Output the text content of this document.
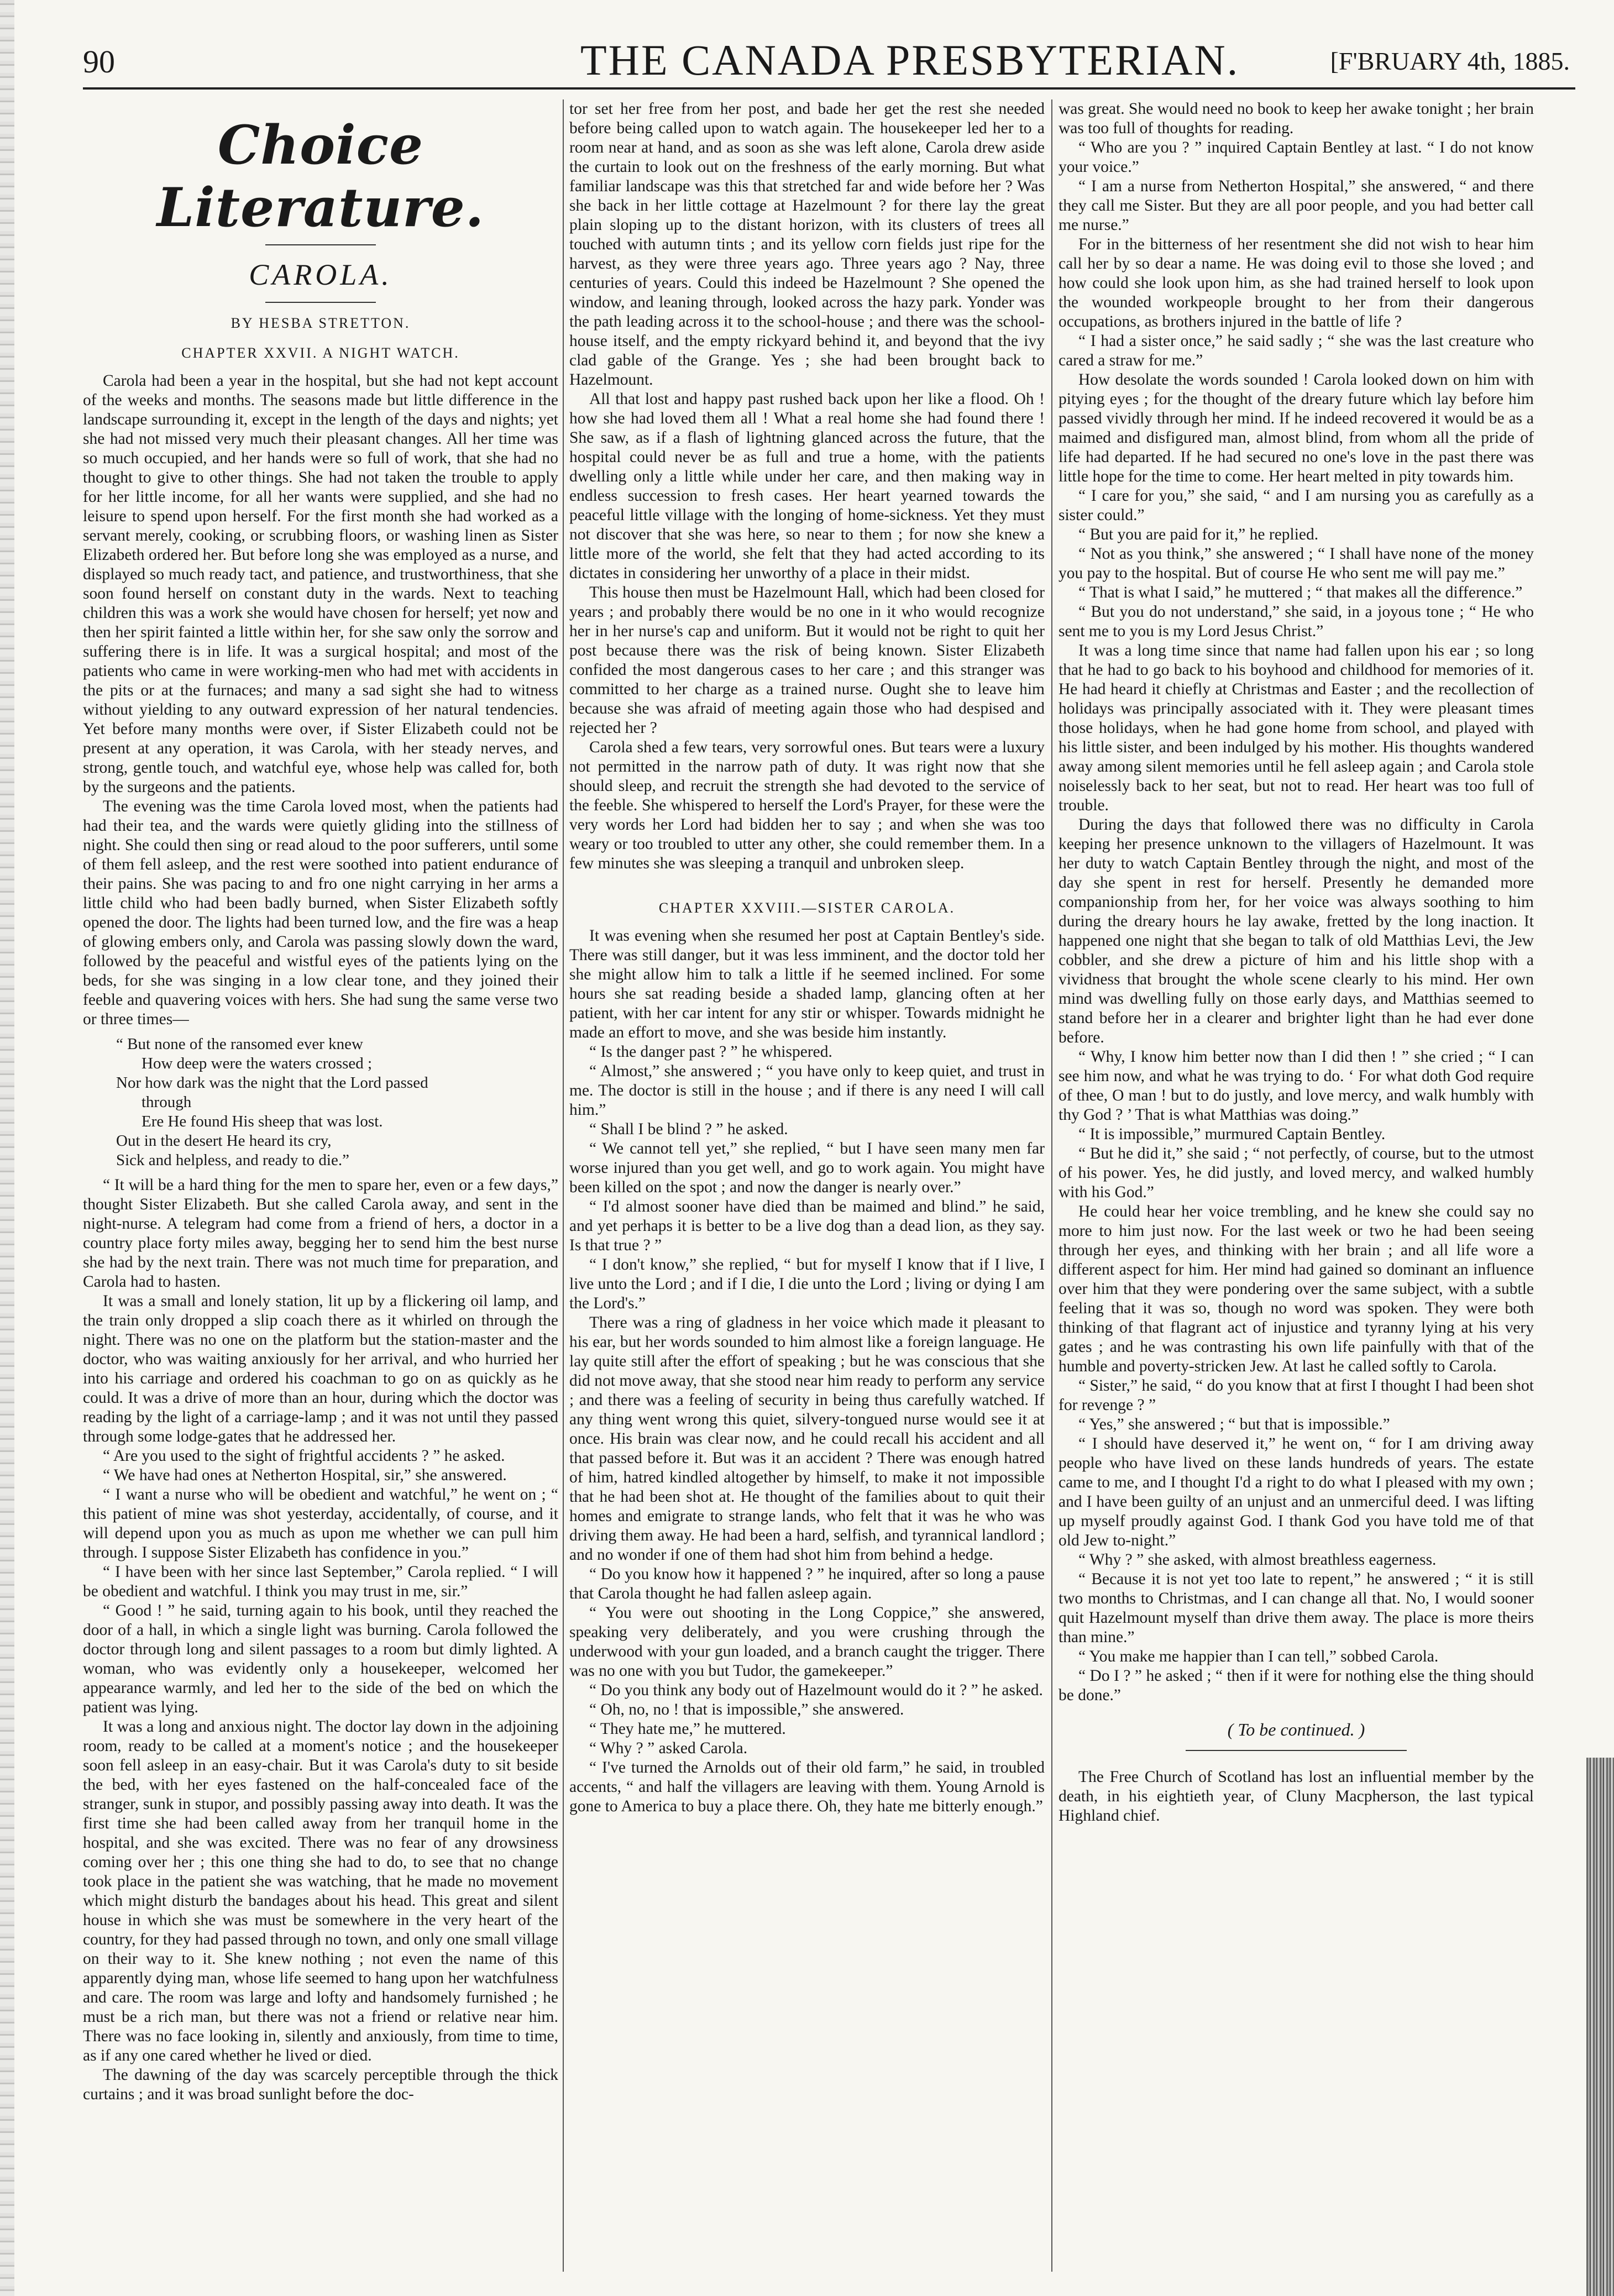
90	THE CANADA PRESBYTERIAN.	[F'BRUARY 4th, 1885.
Choice Literature.
CAROLA.
BY HESBA STRETTON.
CHAPTER XXVII. A NIGHT WATCH.

Carola had been a year in the hospital, but she had not kept account of the weeks and months. The seasons made but little difference in the landscape surrounding it, except in the length of the days and nights; yet she had not missed very much their pleasant changes. All her time was so much occupied, and her hands were so full of work, that she had no thought to give to other things. She had not taken the trouble to apply for her little income, for all her wants were supplied, and she had no leisure to spend upon herself. For the first month she had worked as a servant merely, cooking, or scrubbing floors, or washing linen as Sister Elizabeth ordered her. But before long she was employed as a nurse, and displayed so much ready tact, and patience, and trustworthiness, that she soon found herself on constant duty in the wards. Next to teaching children this was a work she would have chosen for herself; yet now and then her spirit fainted a little within her, for she saw only the sorrow and suffering there is in life. It was a surgical hospital; and most of the patients who came in were working-men who had met with accidents in the pits or at the furnaces; and many a sad sight she had to witness without yielding to any outward expression of her natural tendencies. Yet before many months were over, if Sister Elizabeth could not be present at any operation, it was Carola, with her steady nerves, and strong, gentle touch, and watchful eye, whose help was called for, both by the surgeons and the patients.

The evening was the time Carola loved most, when the patients had had their tea, and the wards were quietly gliding into the stillness of night. She could then sing or read aloud to the poor sufferers, until some of them fell asleep, and the rest were soothed into patient endurance of their pains. She was pacing to and fro one night carrying in her arms a little child who had been badly burned, when Sister Elizabeth softly opened the door. The lights had been turned low, and the fire was a heap of glowing embers only, and Carola was passing slowly down the ward, followed by the peaceful and wistful eyes of the patients lying on the beds, for she was singing in a low clear tone, and they joined their feeble and quavering voices with hers. She had sung the same verse two or three times—

“ But none of the ransomed ever knew
How deep were the waters crossed ;
Nor how dark was the night that the Lord passed
through
Ere He found His sheep that was lost.
Out in the desert He heard its cry,
Sick and helpless, and ready to die.”

“ It will be a hard thing for the men to spare her, even or a few days,” thought Sister Elizabeth. But she called Carola away, and sent in the night-nurse. A telegram had come from a friend of hers, a doctor in a country place forty miles away, begging her to send him the best nurse she had by the next train. There was not much time for preparation, and Carola had to hasten.

It was a small and lonely station, lit up by a flickering oil lamp, and the train only dropped a slip coach there as it whirled on through the night. There was no one on the platform but the station-master and the doctor, who was waiting anxiously for her arrival, and who hurried her into his carriage and ordered his coachman to go on as quickly as he could. It was a drive of more than an hour, during which the doctor was reading by the light of a carriage-lamp ; and it was not until they passed through some lodge-gates that he addressed her.

“ Are you used to the sight of frightful accidents ? ” he asked.

“ We have had ones at Netherton Hospital, sir,” she answered.

“ I want a nurse who will be obedient and watchful,” he went on ; “ this patient of mine was shot yesterday, accidentally, of course, and it will depend upon you as much as upon me whether we can pull him through. I suppose Sister Elizabeth has confidence in you.”

“ I have been with her since last September,” Carola replied. “ I will be obedient and watchful. I think you may trust in me, sir.”

“ Good ! ” he said, turning again to his book, until they reached the door of a hall, in which a single light was burning. Carola followed the doctor through long and silent passages to a room but dimly lighted. A woman, who was evidently only a housekeeper, welcomed her appearance warmly, and led her to the side of the bed on which the patient was lying.

It was a long and anxious night. The doctor lay down in the adjoining room, ready to be called at a moment's notice ; and the housekeeper soon fell asleep in an easy-chair. But it was Carola's duty to sit beside the bed, with her eyes fastened on the half-concealed face of the stranger, sunk in stupor, and possibly passing away into death. It was the first time she had been called away from her tranquil home in the hospital, and she was excited. There was no fear of any drowsiness coming over her ; this one thing she had to do, to see that no change took place in the patient she was watching, that he made no movement which might disturb the bandages about his head. This great and silent house in which she was must be somewhere in the very heart of the country, for they had passed through no town, and only one small village on their way to it. She knew nothing ; not even the name of this apparently dying man, whose life seemed to hang upon her watchfulness and care. The room was large and lofty and handsomely furnished ; he must be a rich man, but there was not a friend or relative near him. There was no face looking in, silently and anxiously, from time to time, as if any one cared whether he lived or died.

The dawning of the day was scarcely perceptible through the thick curtains ; and it was broad sunlight before the doc-

tor set her free from her post, and bade her get the rest she needed before being called upon to watch again. The housekeeper led her to a room near at hand, and as soon as she was left alone, Carola drew aside the curtain to look out on the freshness of the early morning. But what familiar landscape was this that stretched far and wide before her ? Was she back in her little cottage at Hazelmount ? for there lay the great plain sloping up to the distant horizon, with its clusters of trees all touched with autumn tints ; and its yellow corn fields just ripe for the harvest, as they were three years ago. Three years ago ? Nay, three centuries of years. Could this indeed be Hazelmount ? She opened the window, and leaning through, looked across the hazy park. Yonder was the path leading across it to the school-house ; and there was the school-house itself, and the empty rickyard behind it, and beyond that the ivy clad gable of the Grange. Yes ; she had been brought back to Hazelmount.

All that lost and happy past rushed back upon her like a flood. Oh ! how she had loved them all ! What a real home she had found there ! She saw, as if a flash of lightning glanced across the future, that the hospital could never be as full and true a home, with the patients dwelling only a little while under her care, and then making way in endless succession to fresh cases. Her heart yearned towards the peaceful little village with the longing of home-sickness. Yet they must not discover that she was here, so near to them ; for now she knew a little more of the world, she felt that they had acted according to its dictates in considering her unworthy of a place in their midst.

This house then must be Hazelmount Hall, which had been closed for years ; and probably there would be no one in it who would recognize her in her nurse's cap and uniform. But it would not be right to quit her post because there was the risk of being known. Sister Elizabeth confided the most dangerous cases to her care ; and this stranger was committed to her charge as a trained nurse. Ought she to leave him because she was afraid of meeting again those who had despised and rejected her ?

Carola shed a few tears, very sorrowful ones. But tears were a luxury not permitted in the narrow path of duty. It was right now that she should sleep, and recruit the strength she had devoted to the service of the feeble. She whispered to herself the Lord's Prayer, for these were the very words her Lord had bidden her to say ; and when she was too weary or too troubled to utter any other, she could remember them. In a few minutes she was sleeping a tranquil and unbroken sleep.

CHAPTER XXVIII.—SISTER CAROLA.

It was evening when she resumed her post at Captain Bentley's side. There was still danger, but it was less imminent, and the doctor told her she might allow him to talk a little if he seemed inclined. For some hours she sat reading beside a shaded lamp, glancing often at her patient, with her car intent for any stir or whisper. Towards midnight he made an effort to move, and she was beside him instantly.

“ Is the danger past ? ” he whispered.

“ Almost,” she answered ; “ you have only to keep quiet, and trust in me. The doctor is still in the house ; and if there is any need I will call him.”

“ Shall I be blind ? ” he asked.

“ We cannot tell yet,” she replied, “ but I have seen many men far worse injured than you get well, and go to work again. You might have been killed on the spot ; and now the danger is nearly over.”

“ I'd almost sooner have died than be maimed and blind.” he said, and yet perhaps it is better to be a live dog than a dead lion, as they say. Is that true ? ”

“ I don't know,” she replied, “ but for myself I know that if I live, I live unto the Lord ; and if I die, I die unto the Lord ; living or dying I am the Lord's.”

There was a ring of gladness in her voice which made it pleasant to his ear, but her words sounded to him almost like a foreign language. He lay quite still after the effort of speaking ; but he was conscious that she did not move away, that she stood near him ready to perform any service ; and there was a feeling of security in being thus carefully watched. If any thing went wrong this quiet, silvery-tongued nurse would see it at once. His brain was clear now, and he could recall his accident and all that passed before it. But was it an accident ? There was enough hatred of him, hatred kindled altogether by himself, to make it not impossible that he had been shot at. He thought of the families about to quit their homes and emigrate to strange lands, who felt that it was he who was driving them away. He had been a hard, selfish, and tyrannical landlord ; and no wonder if one of them had shot him from behind a hedge.

“ Do you know how it happened ? ” he inquired, after so long a pause that Carola thought he had fallen asleep again.

“ You were out shooting in the Long Coppice,” she answered, speaking very deliberately, and you were crushing through the underwood with your gun loaded, and a branch caught the trigger. There was no one with you but Tudor, the gamekeeper.”

“ Do you think any body out of Hazelmount would do it ? ” he asked.

“ Oh, no, no ! that is impossible,” she answered.

“ They hate me,” he muttered.

“ Why ? ” asked Carola.

“ I've turned the Arnolds out of their old farm,” he said, in troubled accents, “ and half the villagers are leaving with them. Young Arnold is gone to America to buy a place there. Oh, they hate me bitterly enough.”

was great. She would need no book to keep her awake tonight ; her brain was too full of thoughts for reading.

“ Who are you ? ” inquired Captain Bentley at last. “ I do not know your voice.”

“ I am a nurse from Netherton Hospital,” she answered, “ and there they call me Sister. But they are all poor people, and you had better call me nurse.”

For in the bitterness of her resentment she did not wish to hear him call her by so dear a name. He was doing evil to those she loved ; and how could she look upon him, as she had trained herself to look upon the wounded workpeople brought to her from their dangerous occupations, as brothers injured in the battle of life ?

“ I had a sister once,” he said sadly ; “ she was the last creature who cared a straw for me.”

How desolate the words sounded ! Carola looked down on him with pitying eyes ; for the thought of the dreary future which lay before him passed vividly through her mind. If he indeed recovered it would be as a maimed and disfigured man, almost blind, from whom all the pride of life had departed. If he had secured no one's love in the past there was little hope for the time to come. Her heart melted in pity towards him.

“ I care for you,” she said, “ and I am nursing you as carefully as a sister could.”

“ But you are paid for it,” he replied.

“ Not as you think,” she answered ; “ I shall have none of the money you pay to the hospital. But of course He who sent me will pay me.”

“ That is what I said,” he muttered ; “ that makes all the difference.”

“ But you do not understand,” she said, in a joyous tone ; “ He who sent me to you is my Lord Jesus Christ.”

It was a long time since that name had fallen upon his ear ; so long that he had to go back to his boyhood and childhood for memories of it. He had heard it chiefly at Christmas and Easter ; and the recollection of holidays was principally associated with it. They were pleasant times those holidays, when he had gone home from school, and played with his little sister, and been indulged by his mother. His thoughts wandered away among silent memories until he fell asleep again ; and Carola stole noiselessly back to her seat, but not to read. Her heart was too full of trouble.

During the days that followed there was no difficulty in Carola keeping her presence unknown to the villagers of Hazelmount. It was her duty to watch Captain Bentley through the night, and most of the day she spent in rest for herself. Presently he demanded more companionship from her, for her voice was always soothing to him during the dreary hours he lay awake, fretted by the long inaction. It happened one night that she began to talk of old Matthias Levi, the Jew cobbler, and she drew a picture of him and his little shop with a vividness that brought the whole scene clearly to his mind. Her own mind was dwelling fully on those early days, and Matthias seemed to stand before her in a clearer and brighter light than he had ever done before.

“ Why, I know him better now than I did then ! ” she cried ; “ I can see him now, and what he was trying to do. ‘ For what doth God require of thee, O man ! but to do justly, and love mercy, and walk humbly with thy God ? ’ That is what Matthias was doing.”

“ It is impossible,” murmured Captain Bentley.

“ But he did it,” she said ; “ not perfectly, of course, but to the utmost of his power. Yes, he did justly, and loved mercy, and walked humbly with his God.”

He could hear her voice trembling, and he knew she could say no more to him just now. For the last week or two he had been seeing through her eyes, and thinking with her brain ; and all life wore a different aspect for him. Her mind had gained so dominant an influence over him that they were pondering over the same subject, with a subtle feeling that it was so, though no word was spoken. They were both thinking of that flagrant act of injustice and tyranny lying at his very gates ; and he was contrasting his own life painfully with that of the humble and poverty-stricken Jew. At last he called softly to Carola.

“ Sister,” he said, “ do you know that at first I thought I had been shot for revenge ? ”

“ Yes,” she answered ; “ but that is impossible.”

“ I should have deserved it,” he went on, “ for I am driving away people who have lived on these lands hundreds of years. The estate came to me, and I thought I'd a right to do what I pleased with my own ; and I have been guilty of an unjust and an unmerciful deed. I was lifting up myself proudly against God. I thank God you have told me of that old Jew to-night.”

“ Why ? ” she asked, with almost breathless eagerness.

“ Because it is not yet too late to repent,” he answered ; “ it is still two months to Christmas, and I can change all that. No, I would sooner quit Hazelmount myself than drive them away. The place is more theirs than mine.”

“ You make me happier than I can tell,” sobbed Carola.

“ Do I ? ” he asked ; “ then if it were for nothing else the thing should be done.”

( To be continued. )

The Free Church of Scotland has lost an influential member by the death, in his eightieth year, of Cluny Macpherson, the last typical Highland chief.
